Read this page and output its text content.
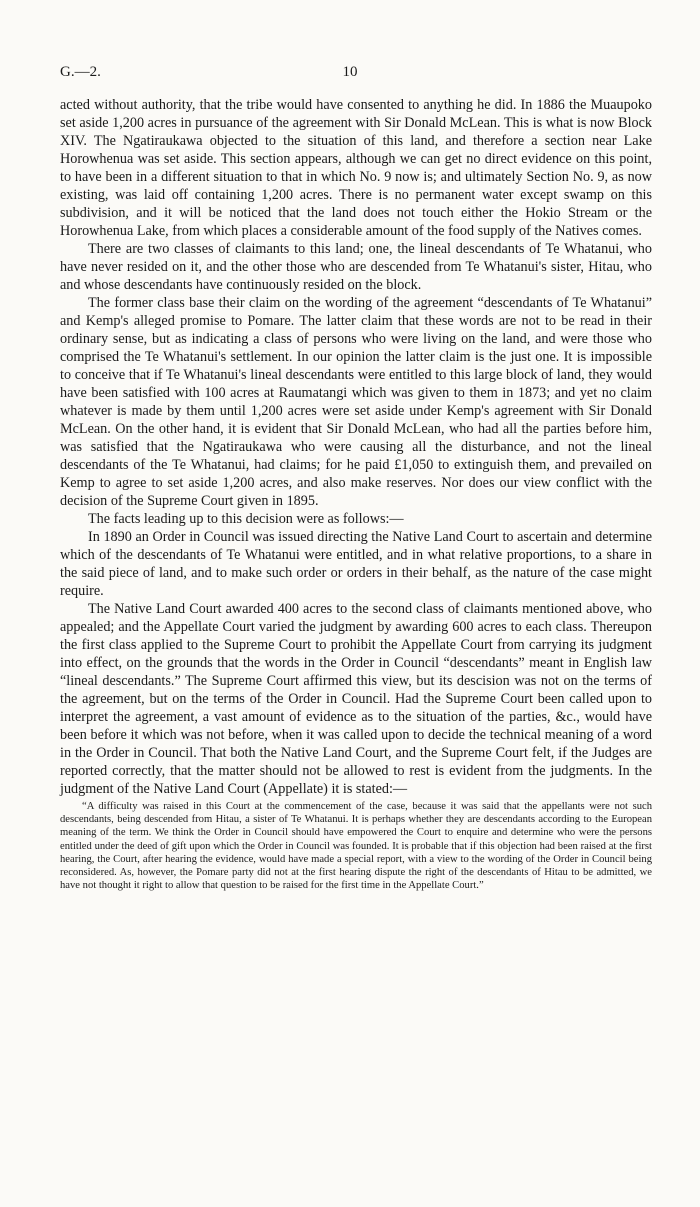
G.—2.	10

acted without authority, that the tribe would have consented to anything he did. In 1886 the Muaupoko set aside 1,200 acres in pursuance of the agreement with Sir Donald McLean. This is what is now Block XIV. The Ngatiraukawa objected to the situation of this land, and therefore a section near Lake Horowhenua was set aside. This section appears, although we can get no direct evidence on this point, to have been in a different situation to that in which No. 9 now is; and ultimately Section No. 9, as now existing, was laid off containing 1,200 acres. There is no permanent water except swamp on this subdivision, and it will be noticed that the land does not touch either the Hokio Stream or the Horowhenua Lake, from which places a considerable amount of the food supply of the Natives comes.

There are two classes of claimants to this land; one, the lineal descendants of Te Whatanui, who have never resided on it, and the other those who are descended from Te Whatanui's sister, Hitau, who and whose descendants have continuously resided on the block.

The former class base their claim on the wording of the agreement “descendants of Te Whatanui” and Kemp's alleged promise to Pomare. The latter claim that these words are not to be read in their ordinary sense, but as indicating a class of persons who were living on the land, and were those who comprised the Te Whatanui's settlement. In our opinion the latter claim is the just one. It is impossible to conceive that if Te Whatanui's lineal descendants were entitled to this large block of land, they would have been satisfied with 100 acres at Raumatangi which was given to them in 1873; and yet no claim whatever is made by them until 1,200 acres were set aside under Kemp's agreement with Sir Donald McLean. On the other hand, it is evident that Sir Donald McLean, who had all the parties before him, was satisfied that the Ngatiraukawa who were causing all the disturbance, and not the lineal descendants of the Te Whatanui, had claims; for he paid £1,050 to extinguish them, and prevailed on Kemp to agree to set aside 1,200 acres, and also make reserves. Nor does our view conflict with the decision of the Supreme Court given in 1895.

The facts leading up to this decision were as follows:—

In 1890 an Order in Council was issued directing the Native Land Court to ascertain and determine which of the descendants of Te Whatanui were entitled, and in what relative proportions, to a share in the said piece of land, and to make such order or orders in their behalf, as the nature of the case might require.

The Native Land Court awarded 400 acres to the second class of claimants mentioned above, who appealed; and the Appellate Court varied the judgment by awarding 600 acres to each class. Thereupon the first class applied to the Supreme Court to prohibit the Appellate Court from carrying its judgment into effect, on the grounds that the words in the Order in Council “descendants” meant in English law “lineal descendants.” The Supreme Court affirmed this view, but its descision was not on the terms of the agreement, but on the terms of the Order in Council. Had the Supreme Court been called upon to interpret the agreement, a vast amount of evidence as to the situation of the parties, &c., would have been before it which was not before, when it was called upon to decide the technical meaning of a word in the Order in Council. That both the Native Land Court, and the Supreme Court felt, if the Judges are reported correctly, that the matter should not be allowed to rest is evident from the judgments. In the judgment of the Native Land Court (Appellate) it is stated:—

“A difficulty was raised in this Court at the commencement of the case, because it was said that the appellants were not such descendants, being descended from Hitau, a sister of Te Whatanui. It is perhaps whether they are descendants according to the European meaning of the term. We think the Order in Council should have empowered the Court to enquire and determine who were the persons entitled under the deed of gift upon which the Order in Council was founded. It is probable that if this objection had been raised at the first hearing, the Court, after hearing the evidence, would have made a special report, with a view to the wording of the Order in Council being reconsidered. As, however, the Pomare party did not at the first hearing dispute the right of the descendants of Hitau to be admitted, we have not thought it right to allow that question to be raised for the first time in the Appellate Court.”
